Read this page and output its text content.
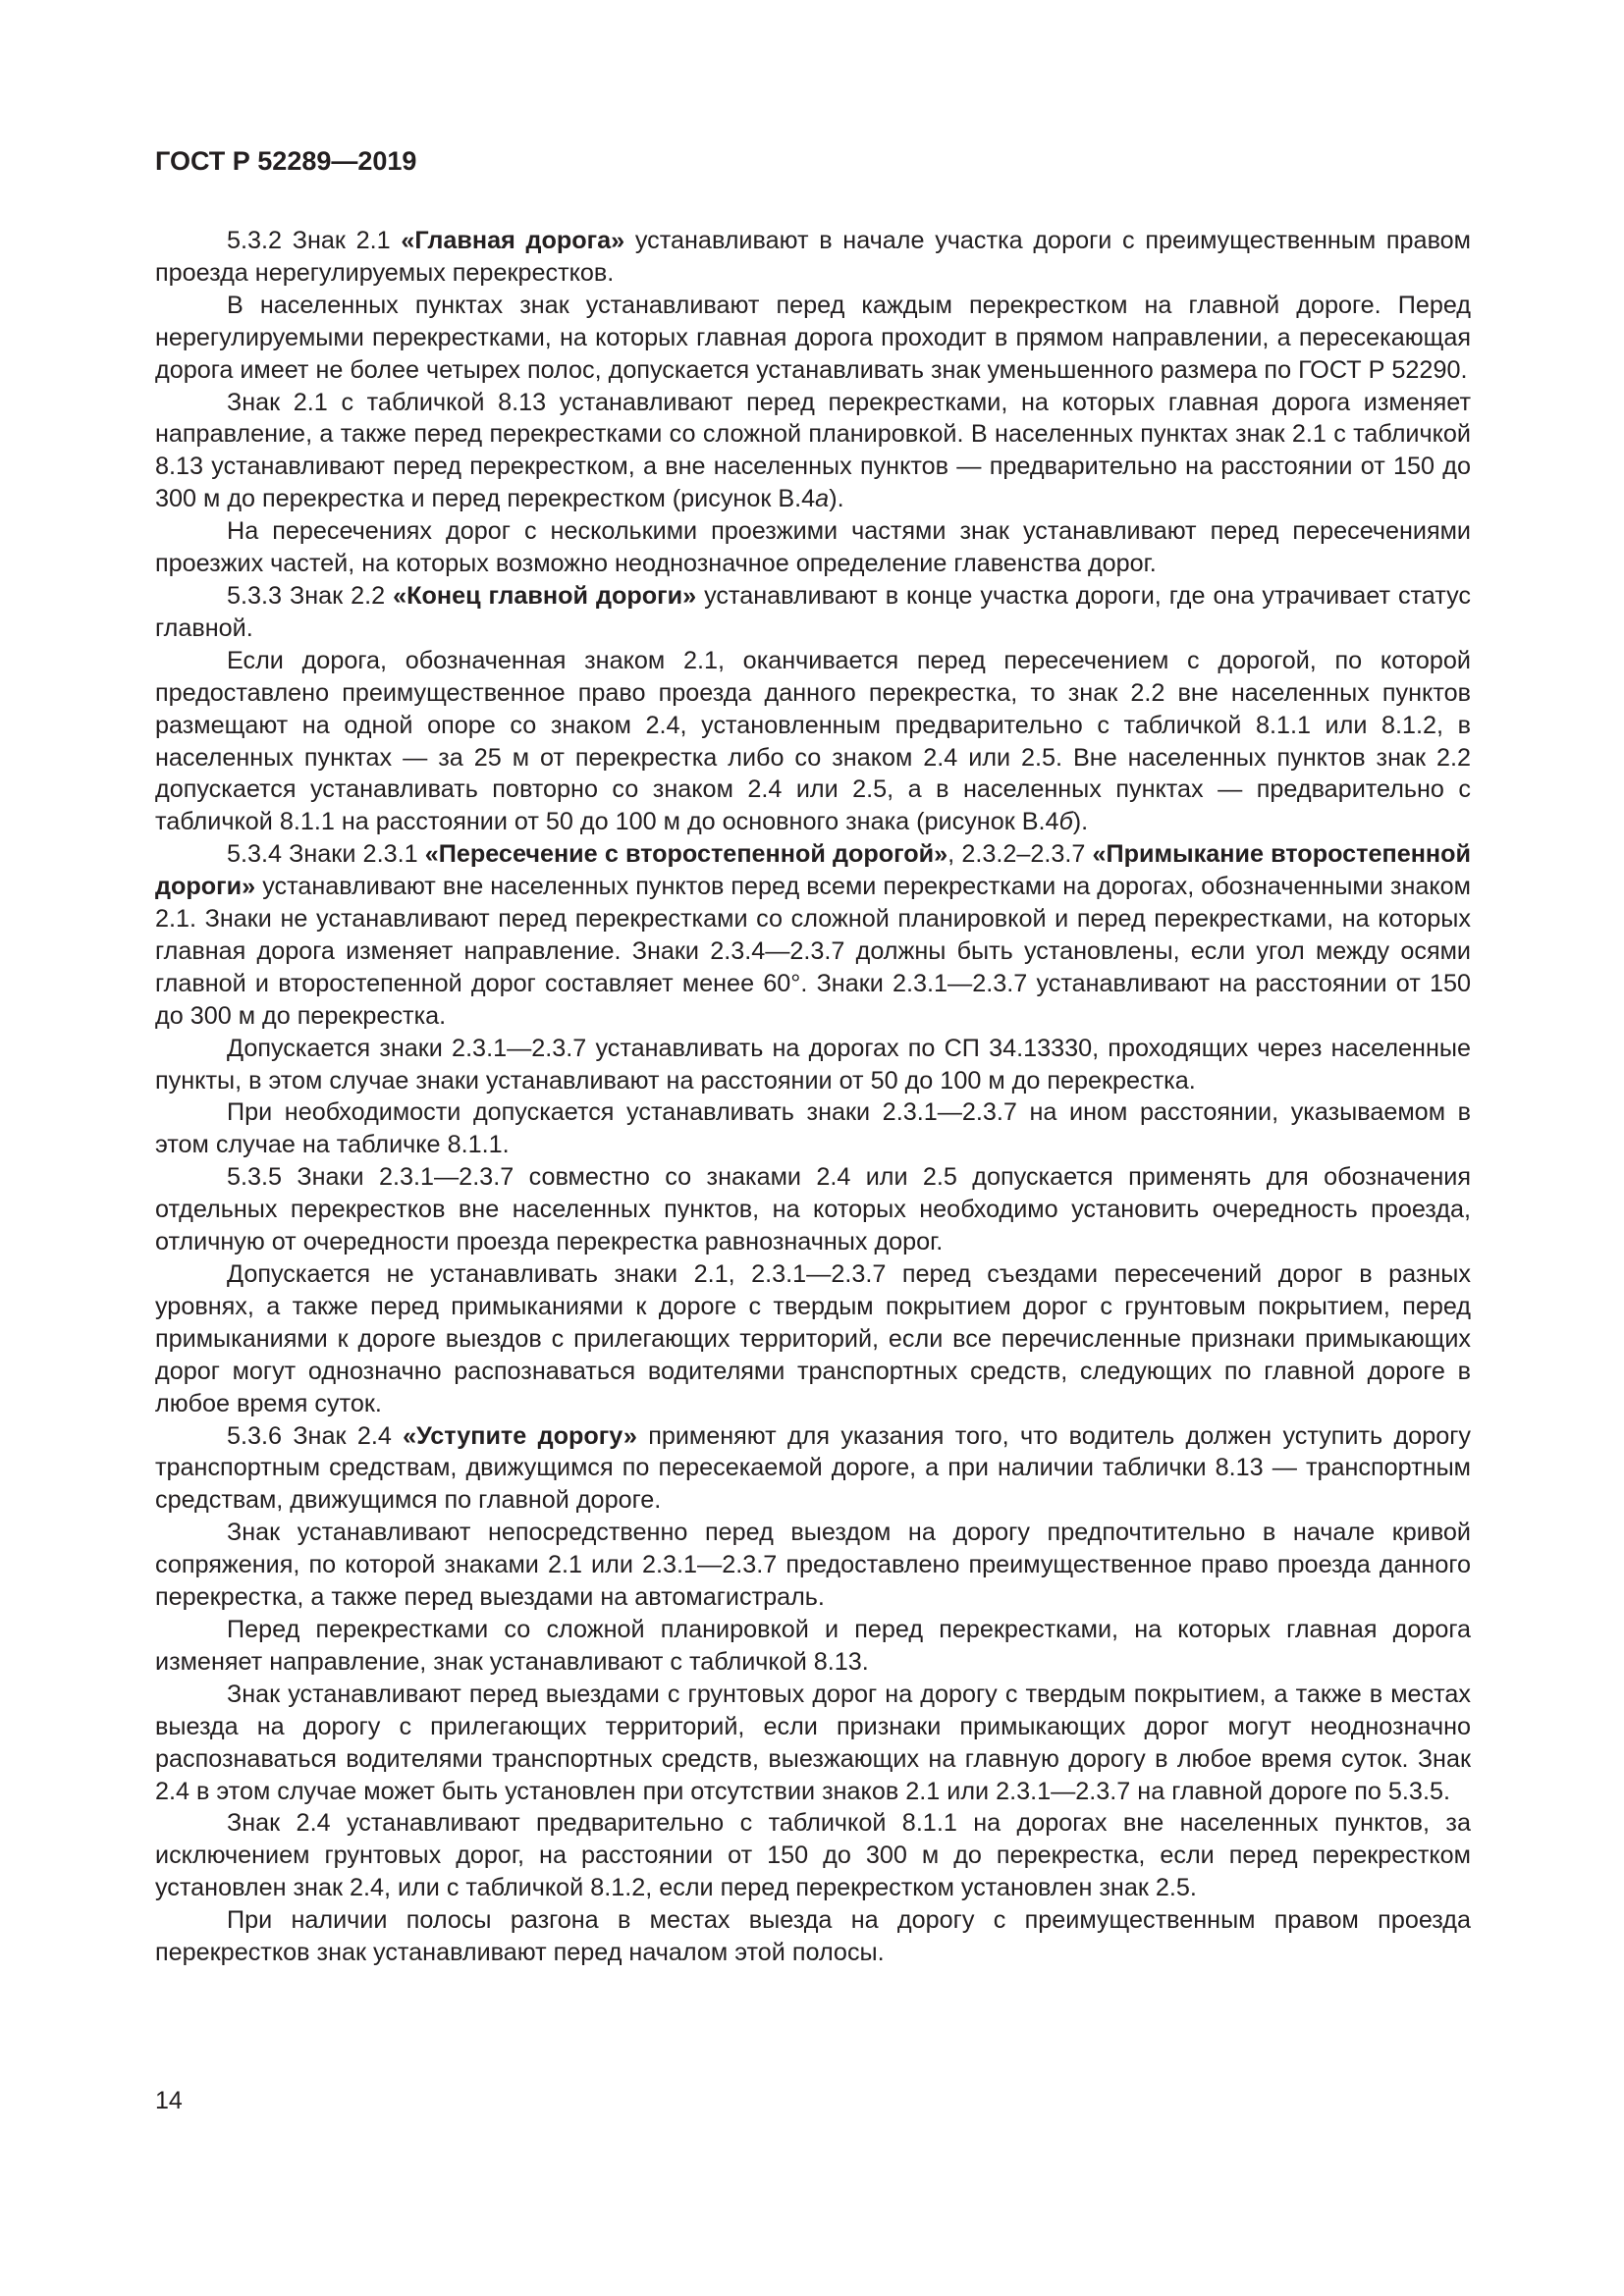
ГОСТ Р 52289—2019

5.3.2 Знак 2.1 «Главная дорога» устанавливают в начале участка дороги с преимущественным правом проезда нерегулируемых перекрестков.

В населенных пунктах знак устанавливают перед каждым перекрестком на главной дороге. Перед нерегулируемыми перекрестками, на которых главная дорога проходит в прямом направлении, а пересекающая дорога имеет не более четырех полос, допускается устанавливать знак уменьшенного размера по ГОСТ Р 52290.

Знак 2.1 с табличкой 8.13 устанавливают перед перекрестками, на которых главная дорога изменяет направление, а также перед перекрестками со сложной планировкой. В населенных пунктах знак 2.1 с табличкой 8.13 устанавливают перед перекрестком, а вне населенных пунктов — предварительно на расстоянии от 150 до 300 м до перекрестка и перед перекрестком (рисунок В.4а).

На пересечениях дорог с несколькими проезжими частями знак устанавливают перед пересечениями проезжих частей, на которых возможно неоднозначное определение главенства дорог.

5.3.3 Знак 2.2 «Конец главной дороги» устанавливают в конце участка дороги, где она утрачивает статус главной.

Если дорога, обозначенная знаком 2.1, оканчивается перед пересечением с дорогой, по которой предоставлено преимущественное право проезда данного перекрестка, то знак 2.2 вне населенных пунктов размещают на одной опоре со знаком 2.4, установленным предварительно с табличкой 8.1.1 или 8.1.2, в населенных пунктах — за 25 м от перекрестка либо со знаком 2.4 или 2.5. Вне населенных пунктов знак 2.2 допускается устанавливать повторно со знаком 2.4 или 2.5, а в населенных пунктах — предварительно с табличкой 8.1.1 на расстоянии от 50 до 100 м до основного знака (рисунок В.4б).

5.3.4 Знаки 2.3.1 «Пересечение с второстепенной дорогой», 2.3.2–2.3.7 «Примыкание второстепенной дороги» устанавливают вне населенных пунктов перед всеми перекрестками на дорогах, обозначенными знаком 2.1. Знаки не устанавливают перед перекрестками со сложной планировкой и перед перекрестками, на которых главная дорога изменяет направление. Знаки 2.3.4—2.3.7 должны быть установлены, если угол между осями главной и второстепенной дорог составляет менее 60°. Знаки 2.3.1—2.3.7 устанавливают на расстоянии от 150 до 300 м до перекрестка.

Допускается знаки 2.3.1—2.3.7 устанавливать на дорогах по СП 34.13330, проходящих через населенные пункты, в этом случае знаки устанавливают на расстоянии от 50 до 100 м до перекрестка.

При необходимости допускается устанавливать знаки 2.3.1—2.3.7 на ином расстоянии, указываемом в этом случае на табличке 8.1.1.

5.3.5 Знаки 2.3.1—2.3.7 совместно со знаками 2.4 или 2.5 допускается применять для обозначения отдельных перекрестков вне населенных пунктов, на которых необходимо установить очередность проезда, отличную от очередности проезда перекрестка равнозначных дорог.

Допускается не устанавливать знаки 2.1, 2.3.1—2.3.7 перед съездами пересечений дорог в разных уровнях, а также перед примыканиями к дороге с твердым покрытием дорог с грунтовым покрытием, перед примыканиями к дороге выездов с прилегающих территорий, если все перечисленные признаки примыкающих дорог могут однозначно распознаваться водителями транспортных средств, следующих по главной дороге в любое время суток.

5.3.6 Знак 2.4 «Уступите дорогу» применяют для указания того, что водитель должен уступить дорогу транспортным средствам, движущимся по пересекаемой дороге, а при наличии таблички 8.13 — транспортным средствам, движущимся по главной дороге.

Знак устанавливают непосредственно перед выездом на дорогу предпочтительно в начале кривой сопряжения, по которой знаками 2.1 или 2.3.1—2.3.7 предоставлено преимущественное право проезда данного перекрестка, а также перед выездами на автомагистраль.

Перед перекрестками со сложной планировкой и перед перекрестками, на которых главная дорога изменяет направление, знак устанавливают с табличкой 8.13.

Знак устанавливают перед выездами с грунтовых дорог на дорогу с твердым покрытием, а также в местах выезда на дорогу с прилегающих территорий, если признаки примыкающих дорог могут неоднозначно распознаваться водителями транспортных средств, выезжающих на главную дорогу в любое время суток. Знак 2.4 в этом случае может быть установлен при отсутствии знаков 2.1 или 2.3.1—2.3.7 на главной дороге по 5.3.5.

Знак 2.4 устанавливают предварительно с табличкой 8.1.1 на дорогах вне населенных пунктов, за исключением грунтовых дорог, на расстоянии от 150 до 300 м до перекрестка, если перед перекрестком установлен знак 2.4, или с табличкой 8.1.2, если перед перекрестком установлен знак 2.5.

При наличии полосы разгона в местах выезда на дорогу с преимущественным правом проезда перекрестков знак устанавливают перед началом этой полосы.

14
